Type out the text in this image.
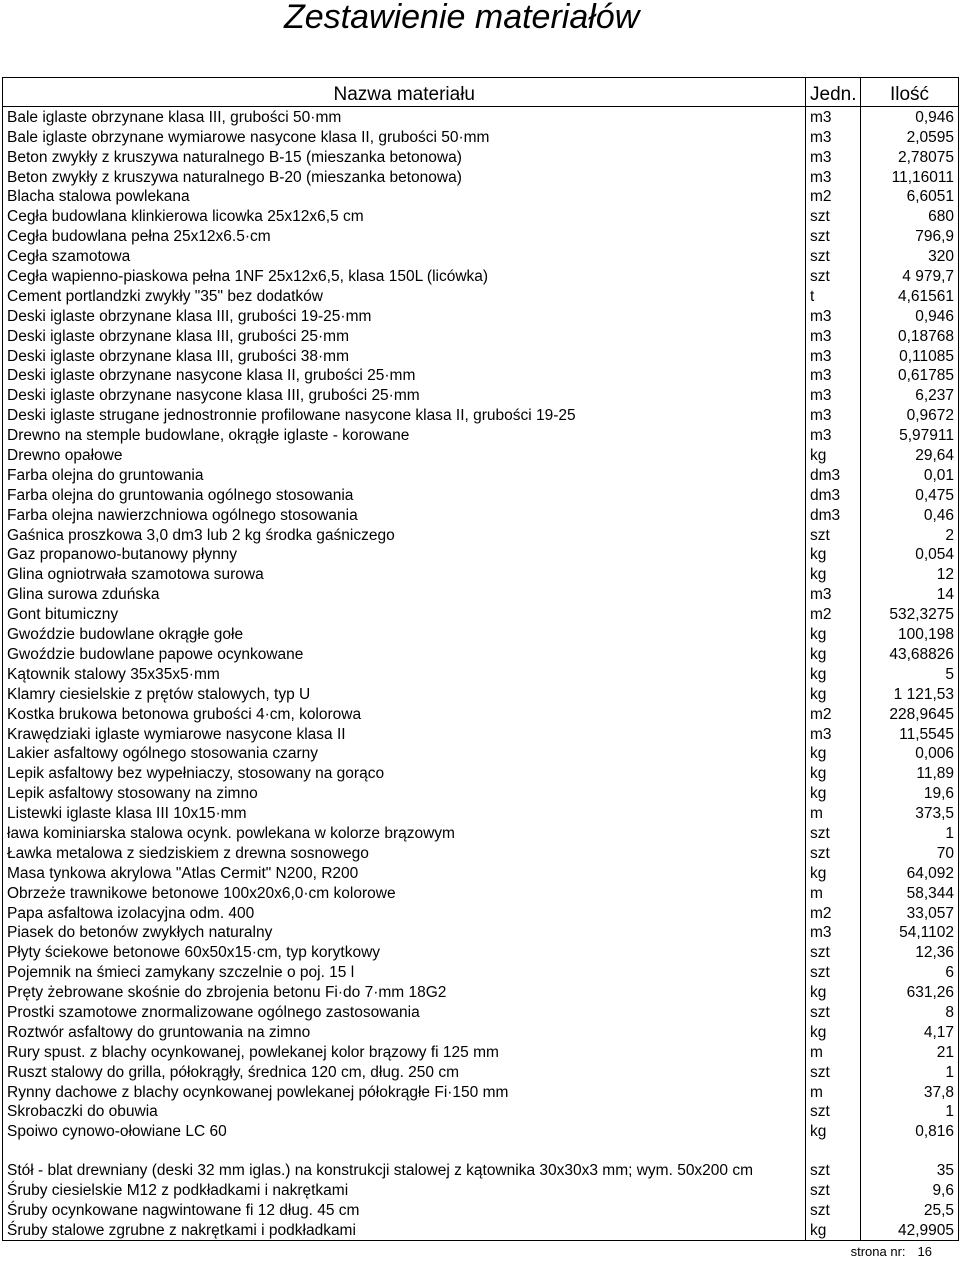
Zestawienie materiałów
Nazwa materiału	Jedn.	Ilość
Bale iglaste obrzynane klasa III, grubości 50·mm	m3	0,946
Bale iglaste obrzynane wymiarowe nasycone klasa II, grubości 50·mm	m3	2,0595
Beton zwykły z kruszywa naturalnego B-15 (mieszanka betonowa)	m3	2,78075
Beton zwykły z kruszywa naturalnego B-20 (mieszanka betonowa)	m3	11,16011
Blacha stalowa powlekana	m2	6,6051
Cegła budowlana klinkierowa licowka 25x12x6,5 cm	szt	680
Cegła budowlana pełna 25x12x6.5·cm	szt	796,9
Cegła szamotowa	szt	320
Cegła wapienno-piaskowa pełna 1NF 25x12x6,5, klasa 150L (licówka)	szt	4 979,7
Cement portlandzki zwykły "35" bez dodatków	t	4,61561
Deski iglaste obrzynane klasa III, grubości 19-25·mm	m3	0,946
Deski iglaste obrzynane klasa III, grubości 25·mm	m3	0,18768
Deski iglaste obrzynane klasa III, grubości 38·mm	m3	0,11085
Deski iglaste obrzynane nasycone klasa II, grubości 25·mm	m3	0,61785
Deski iglaste obrzynane nasycone klasa III, grubości 25·mm	m3	6,237
Deski iglaste strugane jednostronnie profilowane nasycone klasa II, grubości 19-25	m3	0,9672
Drewno na stemple budowlane, okrągłe iglaste - korowane	m3	5,97911
Drewno opałowe	kg	29,64
Farba olejna do gruntowania	dm3	0,01
Farba olejna do gruntowania ogólnego stosowania	dm3	0,475
Farba olejna nawierzchniowa ogólnego stosowania	dm3	0,46
Gaśnica proszkowa 3,0 dm3 lub 2 kg środka gaśniczego	szt	2
Gaz propanowo-butanowy płynny	kg	0,054
Glina ogniotrwała szamotowa surowa	kg	12
Glina surowa zduńska	m3	14
Gont bitumiczny	m2	532,3275
Gwoździe budowlane okrągłe gołe	kg	100,198
Gwoździe budowlane papowe ocynkowane	kg	43,68826
Kątownik stalowy 35x35x5·mm	kg	5
Klamry ciesielskie z prętów stalowych, typ U	kg	1 121,53
Kostka brukowa betonowa grubości 4·cm, kolorowa	m2	228,9645
Krawędziaki iglaste wymiarowe nasycone klasa II	m3	11,5545
Lakier asfaltowy ogólnego stosowania czarny	kg	0,006
Lepik asfaltowy bez wypełniaczy, stosowany na gorąco	kg	11,89
Lepik asfaltowy stosowany na zimno	kg	19,6
Listewki iglaste klasa III 10x15·mm	m	373,5
ława kominiarska stalowa ocynk. powlekana w kolorze brązowym	szt	1
Ławka metalowa z siedziskiem z drewna sosnowego	szt	70
Masa tynkowa akrylowa "Atlas Cermit" N200, R200	kg	64,092
Obrzeże trawnikowe betonowe 100x20x6,0·cm kolorowe	m	58,344
Papa asfaltowa izolacyjna odm. 400	m2	33,057
Piasek do betonów zwykłych naturalny	m3	54,1102
Płyty ściekowe betonowe 60x50x15·cm, typ korytkowy	szt	12,36
Pojemnik na śmieci zamykany szczelnie o poj. 15 l	szt	6
Pręty żebrowane skośnie do zbrojenia betonu Fi·do 7·mm 18G2	kg	631,26
Prostki szamotowe znormalizowane ogólnego zastosowania	szt	8
Roztwór asfaltowy do gruntowania na zimno	kg	4,17
Rury spust. z blachy ocynkowanej, powlekanej kolor brązowy fi 125 mm	m	21
Ruszt stalowy do grilla, półokrągły, średnica 120 cm, dług. 250 cm	szt	1
Rynny dachowe z blachy ocynkowanej powlekanej półokrągłe Fi·150 mm	m	37,8
Skrobaczki do obuwia	szt	1
Spoiwo cynowo-ołowiane LC 60	kg	0,816
Stół - blat drewniany (deski 32 mm iglas.) na konstrukcji stalowej z kątownika 30x30x3 mm; wym. 50x200 cm	szt	35
Śruby ciesielskie M12 z podkładkami i nakrętkami	szt	9,6
Śruby ocynkowane nagwintowane fi 12 dług. 45 cm	szt	25,5
Śruby stalowe zgrubne z nakrętkami i podkładkami	kg	42,9905
strona nr: 16
